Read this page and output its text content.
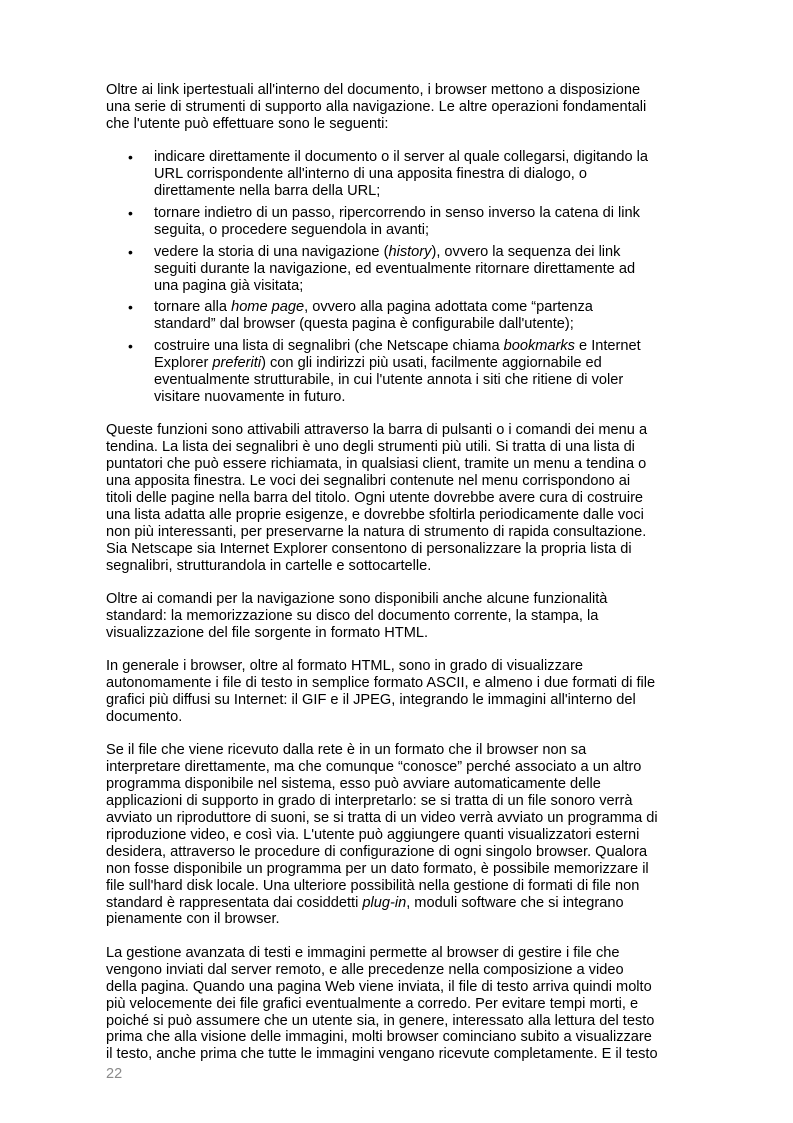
Oltre ai link ipertestuali all'interno del documento, i browser mettono a disposizione una serie di strumenti di supporto alla navigazione. Le altre operazioni fondamentali che l'utente può effettuare sono le seguenti:

• indicare direttamente il documento o il server al quale collegarsi, digitando la URL corrispondente all'interno di una apposita finestra di dialogo, o direttamente nella barra della URL;
• tornare indietro di un passo, ripercorrendo in senso inverso la catena di link seguita, o procedere seguendola in avanti;
• vedere la storia di una navigazione (history), ovvero la sequenza dei link seguiti durante la navigazione, ed eventualmente ritornare direttamente ad una pagina già visitata;
• tornare alla home page, ovvero alla pagina adottata come “partenza standard” dal browser (questa pagina è configurabile dall'utente);
• costruire una lista di segnalibri (che Netscape chiama bookmarks e Internet Explorer preferiti) con gli indirizzi più usati, facilmente aggiornabile ed eventualmente strutturabile, in cui l'utente annota i siti che ritiene di voler visitare nuovamente in futuro.

Queste funzioni sono attivabili attraverso la barra di pulsanti o i comandi dei menu a tendina. La lista dei segnalibri è uno degli strumenti più utili. Si tratta di una lista di puntatori che può essere richiamata, in qualsiasi client, tramite un menu a tendina o una apposita finestra. Le voci dei segnalibri contenute nel menu corrispondono ai titoli delle pagine nella barra del titolo. Ogni utente dovrebbe avere cura di costruire una lista adatta alle proprie esigenze, e dovrebbe sfoltirla periodicamente dalle voci non più interessanti, per preservarne la natura di strumento di rapida consultazione. Sia Netscape sia Internet Explorer consentono di personalizzare la propria lista di segnalibri, strutturandola in cartelle e sottocartelle.

Oltre ai comandi per la navigazione sono disponibili anche alcune funzionalità standard: la memorizzazione su disco del documento corrente, la stampa, la visualizzazione del file sorgente in formato HTML.

In generale i browser, oltre al formato HTML, sono in grado di visualizzare autonomamente i file di testo in semplice formato ASCII, e almeno i due formati di file grafici più diffusi su Internet: il GIF e il JPEG, integrando le immagini all'interno del documento.

Se il file che viene ricevuto dalla rete è in un formato che il browser non sa interpretare direttamente, ma che comunque “conosce” perché associato a un altro programma disponibile nel sistema, esso può avviare automaticamente delle applicazioni di supporto in grado di interpretarlo: se si tratta di un file sonoro verrà avviato un riproduttore di suoni, se si tratta di un video verrà avviato un programma di riproduzione video, e così via. L'utente può aggiungere quanti visualizzatori esterni desidera, attraverso le procedure di configurazione di ogni singolo browser. Qualora non fosse disponibile un programma per un dato formato, è possibile memorizzare il file sull'hard disk locale. Una ulteriore possibilità nella gestione di formati di file non standard è rappresentata dai cosiddetti plug-in, moduli software che si integrano pienamente con il browser.

La gestione avanzata di testi e immagini permette al browser di gestire i file che vengono inviati dal server remoto, e alle precedenze nella composizione a video della pagina. Quando una pagina Web viene inviata, il file di testo arriva quindi molto più velocemente dei file grafici eventualmente a corredo. Per evitare tempi morti, e poiché si può assumere che un utente sia, in genere, interessato alla lettura del testo prima che alla visione delle immagini, molti browser cominciano subito a visualizzare il testo, anche prima che tutte le immagini vengano ricevute completamente. E il testo

22
